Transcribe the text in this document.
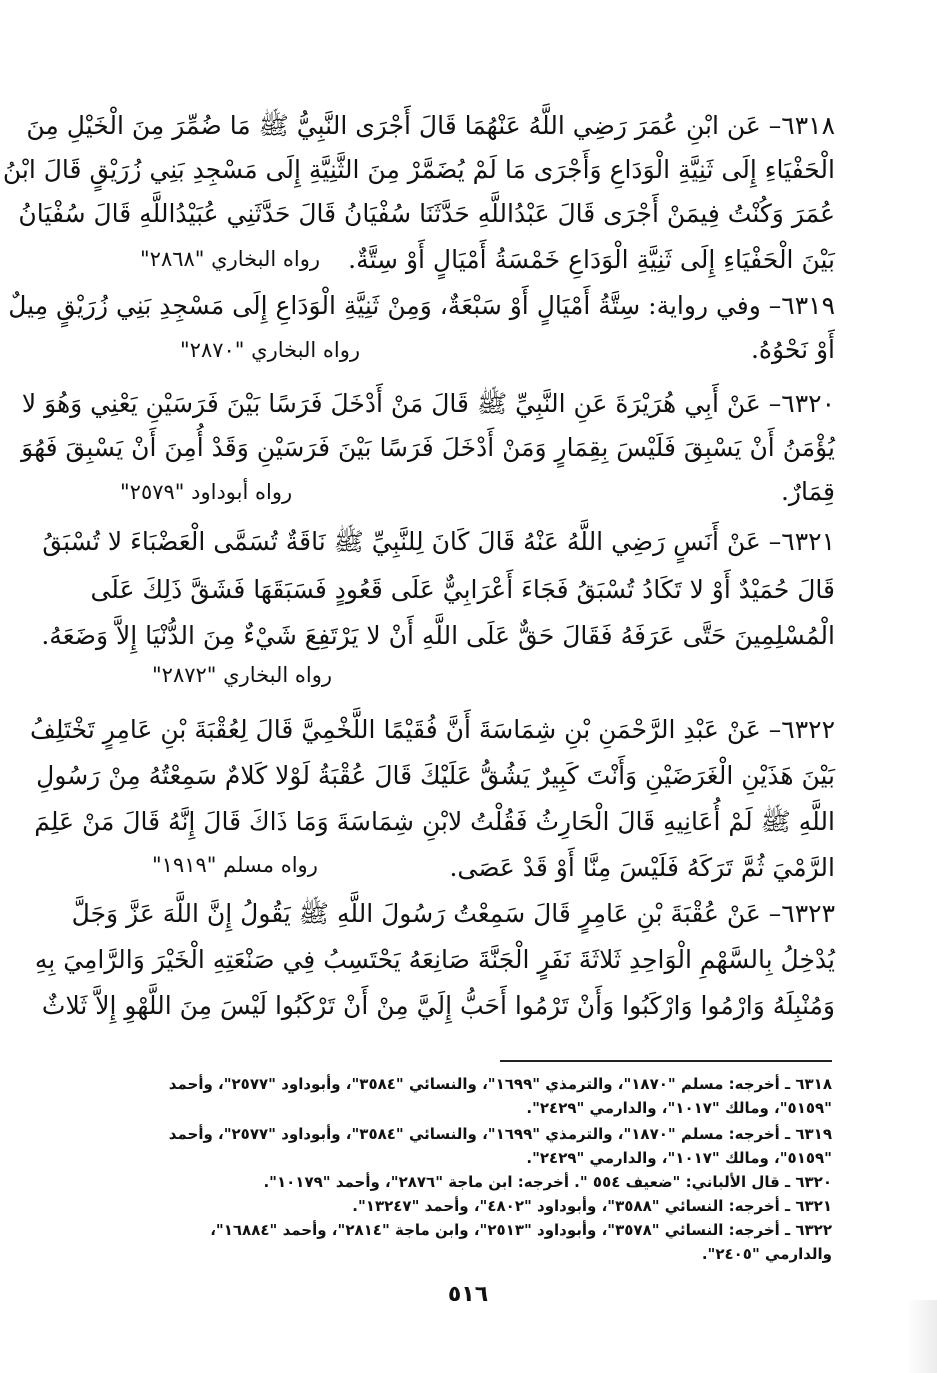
٦٣١٨– عَن ابْنِ عُمَرَ رَضِي اللَّهُ عَنْهُمَا قَالَ أَجْرَى النَّبِيُّ ﷺ مَا ضُمِّرَ مِنَ الْخَيْلِ مِنَ
الْحَفْيَاءِ إِلَى ثَنِيَّةِ الْوَدَاعِ وَأَجْرَى مَا لَمْ يُضَمَّرْ مِنَ الثَّنِيَّةِ إِلَى مَسْجِدِ بَنِي زُرَيْقٍ قَالَ ابْنُ
عُمَرَ وَكُنْتُ فِيمَنْ أَجْرَى قَالَ عَبْدُاللَّهِ حَدَّثَنَا سُفْيَانُ قَالَ حَدَّثَنِي عُبَيْدُاللَّهِ قَالَ سُفْيَانُ
بَيْنَ الْحَفْيَاءِ إِلَى ثَنِيَّةِ الْوَدَاعِ خَمْسَةُ أَمْيَالٍ أَوْ سِتَّةٌ.
رواه البخاري "٢٨٦٨"
٦٣١٩– وفي رواية: سِتَّةُ أَمْيَالٍ أَوْ سَبْعَةٌ، وَمِنْ ثَنِيَّةِ الْوَدَاعِ إِلَى مَسْجِدِ بَنِي زُرَيْقٍ مِيلٌ
أَوْ نَحْوُهُ.
رواه البخاري "٢٨٧٠"
٦٣٢٠– عَنْ أَبِي هُرَيْرَةَ عَنِ النَّبِيِّ ﷺ قَالَ مَنْ أَدْخَلَ فَرَسًا بَيْنَ فَرَسَيْنِ يَعْنِي وَهُوَ لا
يُؤْمَنُ أَنْ يَسْبِقَ فَلَيْسَ بِقِمَارٍ وَمَنْ أَدْخَلَ فَرَسًا بَيْنَ فَرَسَيْنِ وَقَدْ أُمِنَ أَنْ يَسْبِقَ فَهُوَ
قِمَارٌ.
رواه أبوداود "٢٥٧٩"
٦٣٢١– عَنْ أَنَسٍ رَضِي اللَّهُ عَنْهُ قَالَ كَانَ لِلنَّبِيِّ ﷺ نَاقَةٌ تُسَمَّى الْعَضْبَاءَ لا تُسْبَقُ
قَالَ حُمَيْدٌ أَوْ لا تَكَادُ تُسْبَقُ فَجَاءَ أَعْرَابِيٌّ عَلَى قَعُودٍ فَسَبَقَهَا فَشَقَّ ذَلِكَ عَلَى
الْمُسْلِمِينَ حَتَّى عَرَفَهُ فَقَالَ حَقٌّ عَلَى اللَّهِ أَنْ لا يَرْتَفِعَ شَيْءٌ مِنَ الدُّنْيَا إِلاَّ وَضَعَهُ.
رواه البخاري "٢٨٧٢"
٦٣٢٢– عَنْ عَبْدِ الرَّحْمَنِ بْنِ شِمَاسَةَ أَنَّ فُقَيْمًا اللَّخْمِيَّ قَالَ لِعُقْبَةَ بْنِ عَامِرٍ تَخْتَلِفُ
بَيْنَ هَذَيْنِ الْغَرَضَيْنِ وَأَنْتَ كَبِيرٌ يَشُقُّ عَلَيْكَ قَالَ عُقْبَةُ لَوْلا كَلامٌ سَمِعْتُهُ مِنْ رَسُولِ
اللَّهِ ﷺ لَمْ أُعَانِيهِ قَالَ الْحَارِثُ فَقُلْتُ لابْنِ شِمَاسَةَ وَمَا ذَاكَ قَالَ إِنَّهُ قَالَ مَنْ عَلِمَ
الرَّمْيَ ثُمَّ تَرَكَهُ فَلَيْسَ مِنَّا أَوْ قَدْ عَصَى.
رواه مسلم "١٩١٩"
٦٣٢٣– عَنْ عُقْبَةَ بْنِ عَامِرٍ قَالَ سَمِعْتُ رَسُولَ اللَّهِ ﷺ يَقُولُ إِنَّ اللَّهَ عَزَّ وَجَلَّ
يُدْخِلُ بِالسَّهْمِ الْوَاحِدِ ثَلاثَةَ نَفَرٍ الْجَنَّةَ صَانِعَهُ يَحْتَسِبُ فِي صَنْعَتِهِ الْخَيْرَ وَالرَّامِيَ بِهِ
وَمُنْبِلَهُ وَارْمُوا وَارْكَبُوا وَأَنْ تَرْمُوا أَحَبُّ إِلَيَّ مِنْ أَنْ تَرْكَبُوا لَيْسَ مِنَ اللَّهْوِ إِلاَّ ثَلاثٌ
٦٣١٨ ـ أخرجه: مسلم "١٨٧٠"، والترمذي "١٦٩٩"، والنسائي "٣٥٨٤"، وأبوداود "٢٥٧٧"، وأحمد
"٥١٥٩"، ومالك "١٠١٧"، والدارمي "٢٤٢٩".
٦٣١٩ ـ أخرجه: مسلم "١٨٧٠"، والترمذي "١٦٩٩"، والنسائي "٣٥٨٤"، وأبوداود "٢٥٧٧"، وأحمد
"٥١٥٩"، ومالك "١٠١٧"، والدارمي "٢٤٢٩".
٦٣٢٠ ـ قال الألباني: "ضعيف ٥٥٤ ". أخرجه: ابن ماجة "٢٨٧٦"، وأحمد "١٠١٧٩".
٦٣٢١ ـ أخرجه: النسائي "٣٥٨٨"، وأبوداود "٤٨٠٢"، وأحمد "١٣٢٤٧".
٦٣٢٢ ـ أخرجه: النسائي "٣٥٧٨"، وأبوداود "٢٥١٣"، وابن ماجة "٢٨١٤"، وأحمد "١٦٨٨٤"،
والدارمي "٢٤٠٥".
٥١٦
